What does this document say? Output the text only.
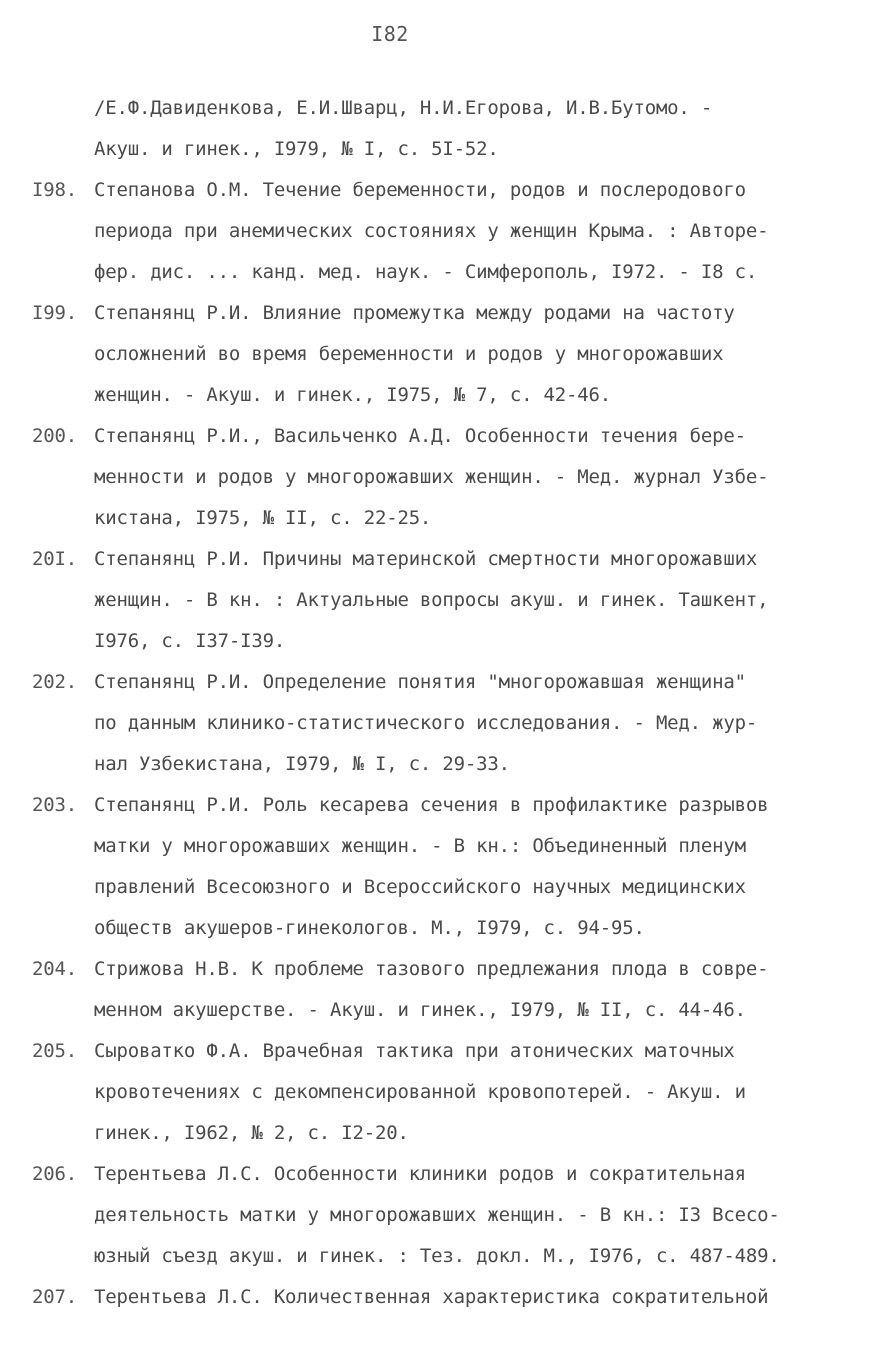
I82
/Е.Ф.Давиденкова, Е.И.Шварц, Н.И.Егорова, И.В.Бутомо. -
Акуш. и гинек., I979, № I, с. 5I-52.
I98. Степанова О.М. Течение беременности, родов и послеродового
периода при анемических состояниях у женщин Крыма. : Авторе-
фер. дис. ... канд. мед. наук. - Симферополь, I972. - I8 с.
I99. Степанянц Р.И. Влияние промежутка между родами на частоту
осложнений во время беременности и родов у многорожавших
женщин. - Акуш. и гинек., I975, № 7, с. 42-46.
200. Степанянц Р.И., Васильченко А.Д. Особенности течения бере-
менности и родов у многорожавших женщин. - Мед. журнал Узбе-
кистана, I975, № II, с. 22-25.
20I. Степанянц Р.И. Причины материнской смертности многорожавших
женщин. - В кн. : Актуальные вопросы акуш. и гинек. Ташкент,
I976, с. I37-I39.
202. Степанянц Р.И. Определение понятия "многорожавшая женщина"
по данным клинико-статистического исследования. - Мед. жур-
нал Узбекистана, I979, № I, с. 29-33.
203. Степанянц Р.И. Роль кесарева сечения в профилактике разрывов
матки у многорожавших женщин. - В кн.: Объединенный пленум
правлений Всесоюзного и Всероссийского научных медицинских
обществ акушеров-гинекологов. М., I979, с. 94-95.
204. Стрижова Н.В. К проблеме тазового предлежания плода в совре-
менном акушерстве. - Акуш. и гинек., I979, № II, с. 44-46.
205. Сыроватко Ф.А. Врачебная тактика при атонических маточных
кровотечениях с декомпенсированной кровопотерей. - Акуш. и
гинек., I962, № 2, с. I2-20.
206. Терентьева Л.С. Особенности клиники родов и сократительная
деятельность матки у многорожавших женщин. - В кн.: I3 Всесо-
юзный съезд акуш. и гинек. : Тез. докл. М., I976, с. 487-489.
207. Терентьева Л.С. Количественная характеристика сократительной
